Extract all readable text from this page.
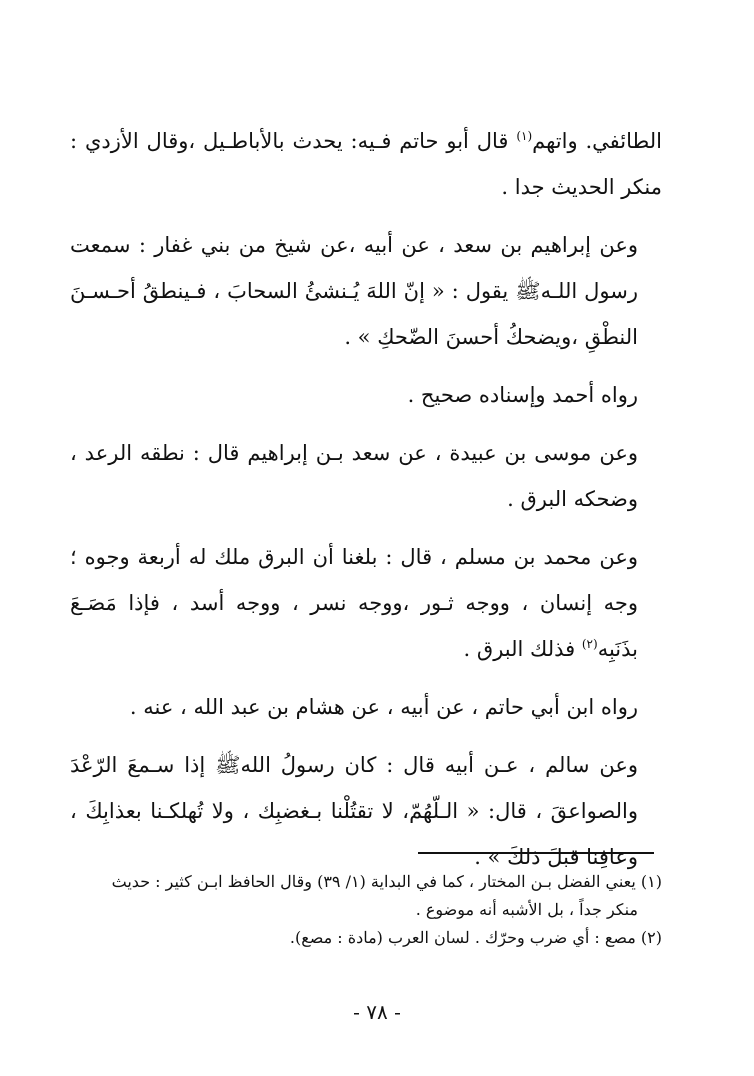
الطائفي. واتهم$^{(١)}$ قال أبو حاتم فـيه: يحدث بالأباطـيل ،وقال الأزدي : منكر الحديث جدا .

وعن إبراهيم بن سعد ، عن أبيه ،عن شيخ من بني غفار : سمعت رسول اللـهﷺ يقول : « إنّ اللهَ يُـنشئُ السحابَ ، فـينطقُ أحـسـنَ النطْقِ ،ويضحكُ أحسنَ الضّحكِ » .

رواه أحمد وإسناده صحيح .

وعن موسى بن عبيدة ، عن سعد بـن إبراهيم قال : نطقه الرعد ، وضحكه البرق .

وعن محمد بن مسلم ، قال : بلغنا أن البرق ملك له أربعة وجوه ؛ وجه إنسان ، ووجه ثـور ،ووجه نسر ، ووجه أسد ، فإذا مَصَـعَ بذَنَبِه$^{(٢)}$ فذلك البرق .

رواه ابن أبي حاتم ، عن أبيه ، عن هشام بن عبد الله ، عنه .

وعن سالم ، عـن أبيه قال : كان رسولُ اللهﷺ إذا سـمعَ الرّعْدَ والصواعقَ ، قال: « الـلّهُمّ، لا تقتُلْنا بـغضبِك ، ولا تُهلكـنا بعذابِكَ ، وعافِنا قبلَ ذلكَ » .

(١) يعني الفضل بـن المختار ، كما في البداية (١/ ٣٩) وقال الحافظ ابـن كثير : حديث

منكر جداً ، بل الأشبه أنه موضوع .

(٢) مصع : أي ضرب وحرّك . لسان العرب (مادة : مصع).

- ٧٨ -
